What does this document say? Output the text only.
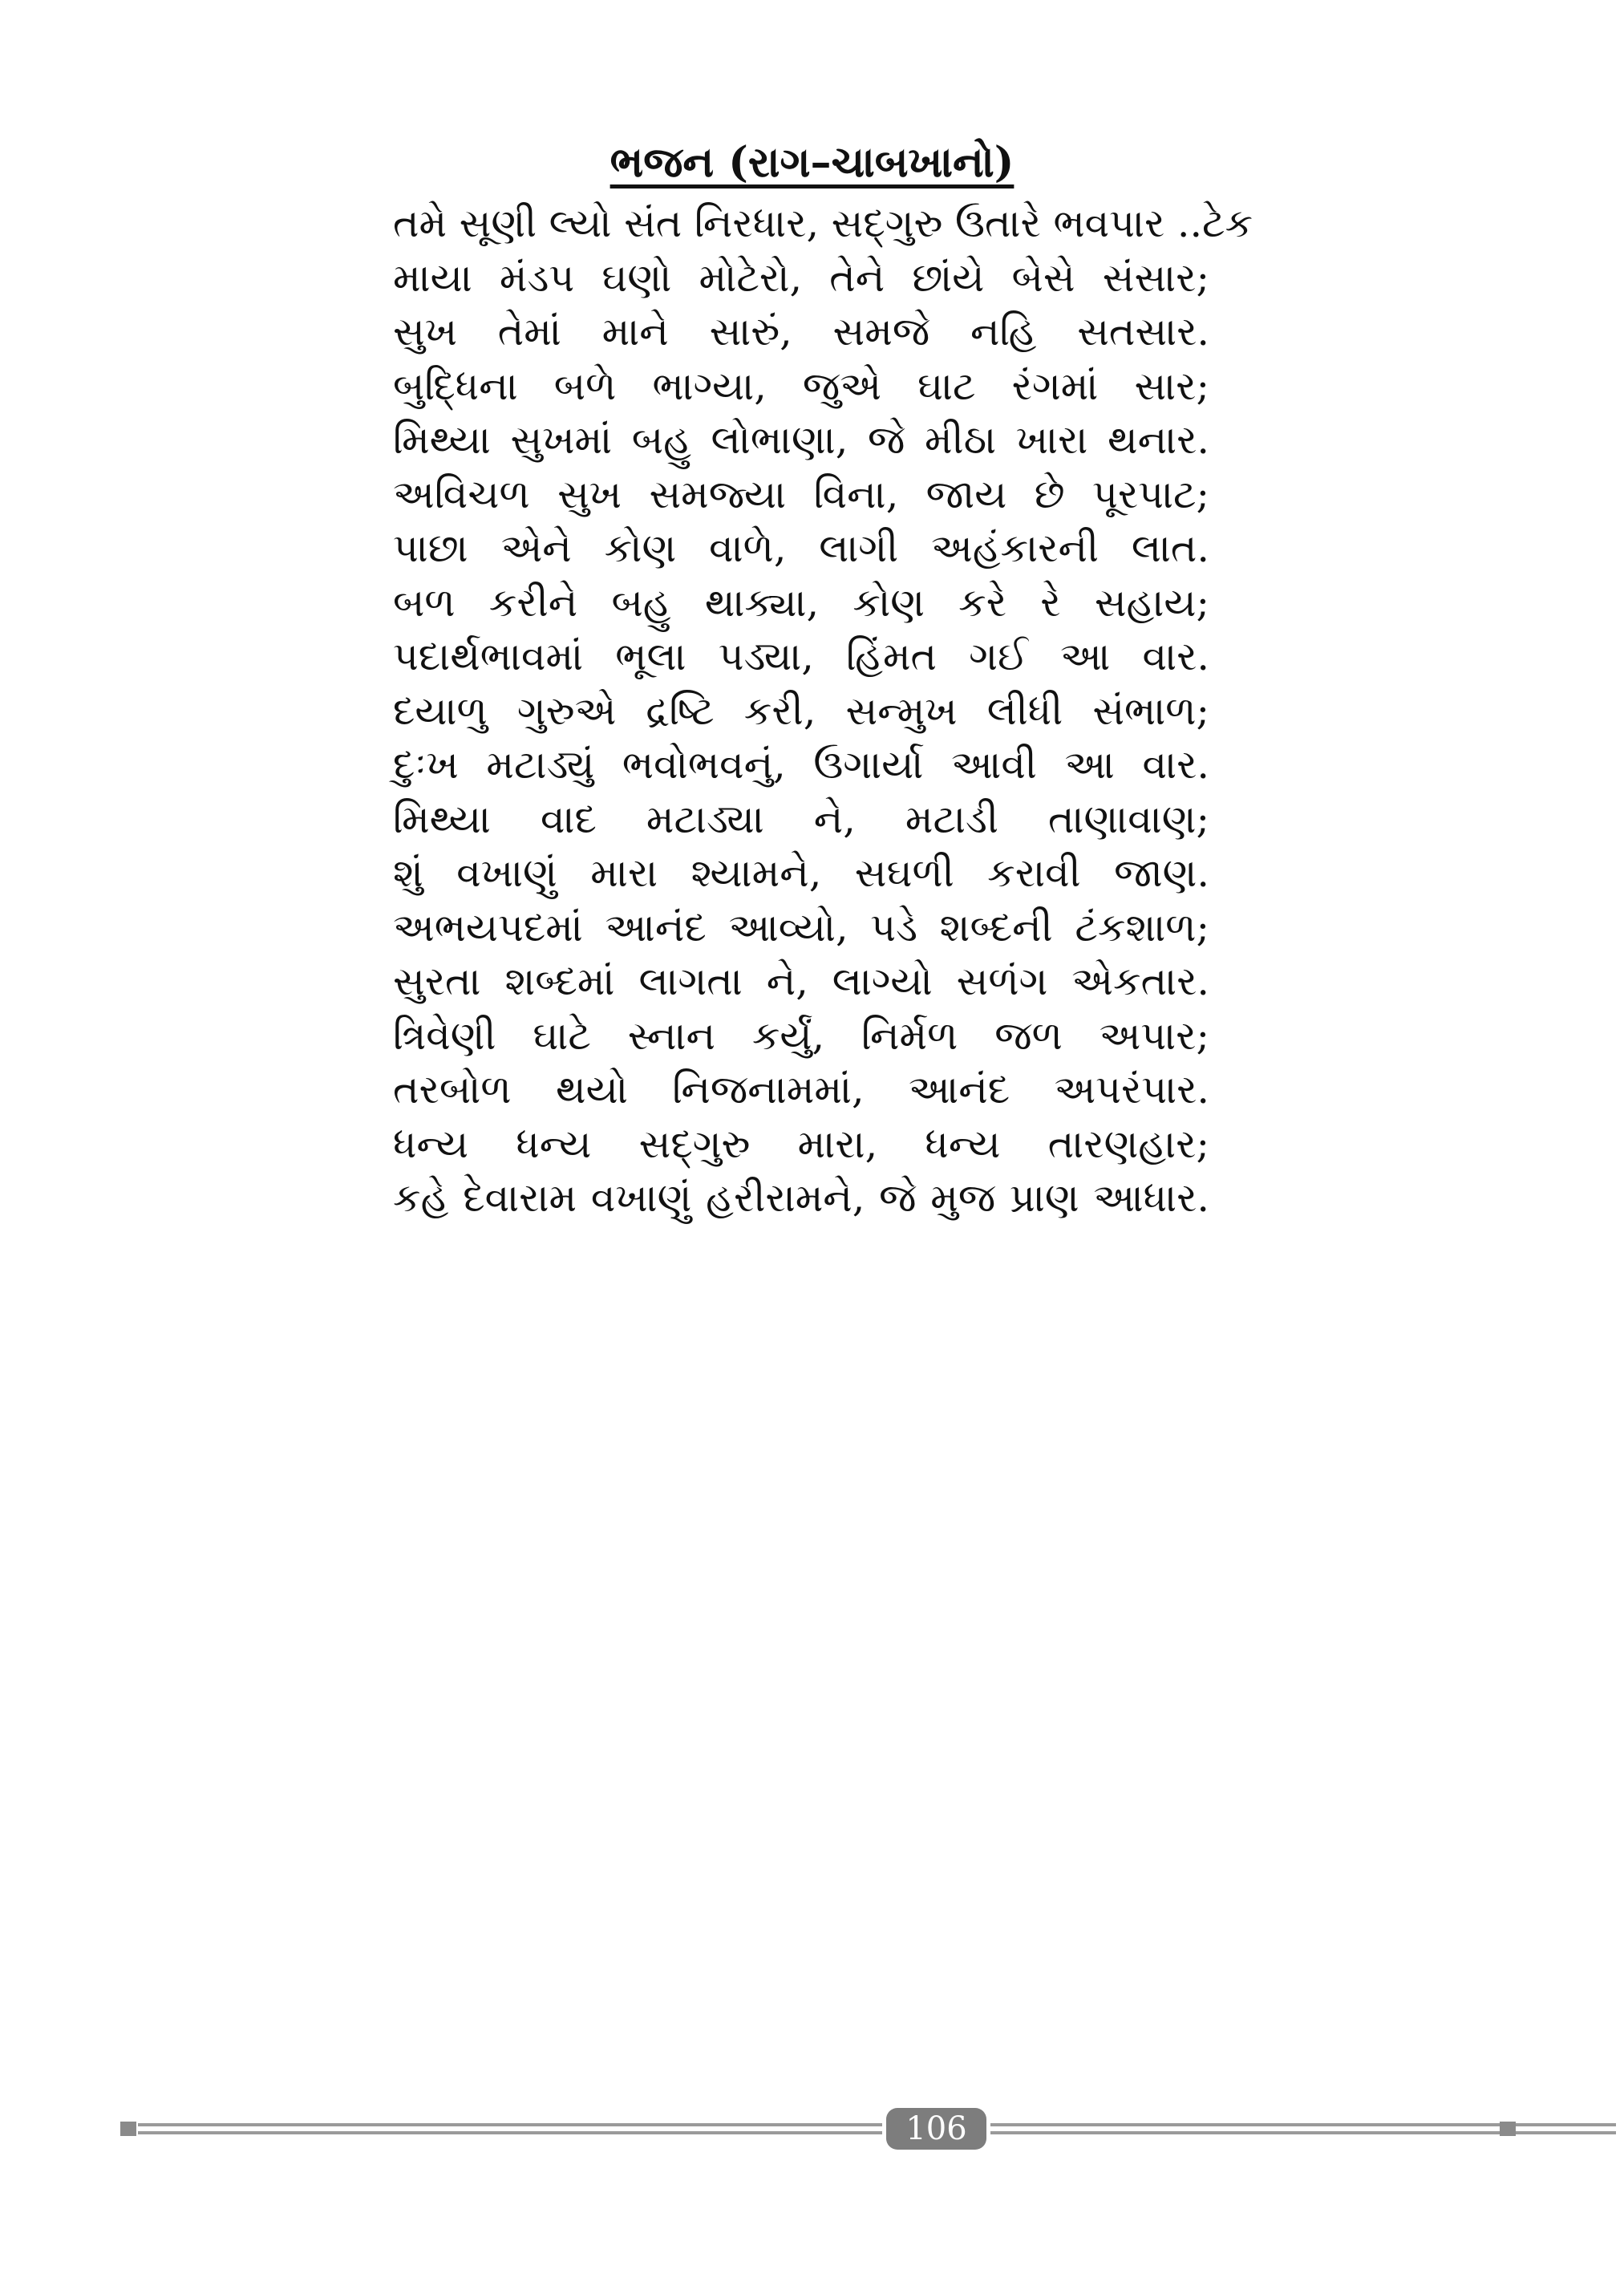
ભજન (રાગ–ચાબખાનો)
તમે સૂણી લ્યો સંત નિરધાર, સદ્‌ગુરુ ઉતારે ભવપાર ..ટેક
માયા મંડપ ઘણો મોટેરો, તેને છાંયે બેસે સંસાર;
સુખ તેમાં માને સારું, સમજે નહિ સતસાર.
બુદ્ધિના બળે ભાગ્યા, જુએ ઘાટ રંગમાં સાર;
મિથ્યા સુખમાં બહુ લોભાણા, જે મીઠા ખારા થનાર.
અવિચળ સુખ સમજ્યા વિના, જાય છે પૂરપાટ;
પાછા એને કોણ વાળે, લાગી અહંકારની લાત.
બળ કરીને બહુ થાક્યા, કોણ કરે રે સહાય;
પદાર્થભાવમાં ભૂલા પડ્યા, હિંમત ગઈ આ વાર.
દયાળુ ગુરુએ દ્રષ્ટિ કરી, સન્મુખ લીધી સંભાળ;
દુઃખ મટાડ્યું ભવોભવનું, ઉગાર્યા આવી આ વાર.
મિથ્યા વાદ મટાડ્યા ને, મટાડી તાણાવાણ;
શું વખાણું મારા શ્યામને, સઘળી કરાવી જાણ.
અભયપદમાં આનંદ આવ્યો, પડે શબ્દની ટંકશાળ;
સુરતા શબ્દમાં લાગતા ને, લાગ્યો સળંગ એકતાર.
ત્રિવેણી ઘાટે સ્નાન કર્યું, નિર્મળ જળ અપાર;
તરબોળ થયો નિજનામમાં, આનંદ અપરંપાર.
ધન્ય ધન્ય સદ્‌ગુરુ મારા, ધન્ય તારણહાર;
કહે દેવારામ વખાણું હરીરામને, જે મુજ પ્રાણ આધાર.
106
